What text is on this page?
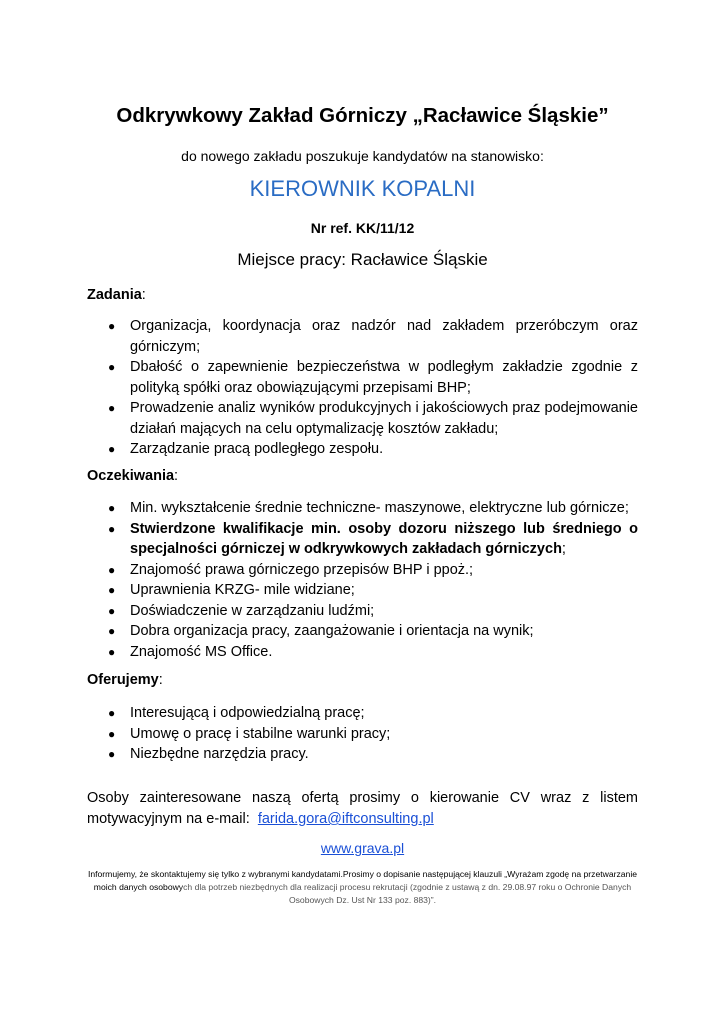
Odkrywkowy Zakład Górniczy „Racławice Śląskie”
do nowego zakładu poszukuje kandydatów na stanowisko:
KIEROWNIK KOPALNI
Nr ref. KK/11/12
Miejsce pracy: Racławice Śląskie
Zadania:
● Organizacja, koordynacja oraz nadzór nad zakładem przeróbczym oraz górniczym;
● Dbałość o zapewnienie bezpieczeństwa w podległym zakładzie zgodnie z polityką spółki oraz obowiązującymi przepisami BHP;
● Prowadzenie analiz wyników produkcyjnych i jakościowych praz podejmowanie działań mających na celu optymalizację kosztów zakładu;
● Zarządzanie pracą podległego zespołu.
Oczekiwania:
● Min. wykształcenie średnie techniczne- maszynowe, elektryczne lub górnicze;
● Stwierdzone kwalifikacje min. osoby dozoru niższego lub średniego o specjalności górniczej w odkrywkowych zakładach górniczych;
● Znajomość prawa górniczego przepisów BHP i ppoż.;
● Uprawnienia KRZG- mile widziane;
● Doświadczenie w zarządzaniu ludźmi;
● Dobra organizacja pracy, zaangażowanie i orientacja na wynik;
● Znajomość MS Office.
Oferujemy:
● Interesującą i odpowiedzialną pracę;
● Umowę o pracę i stabilne warunki pracy;
● Niezbędne narzędzia pracy.
Osoby zainteresowane naszą ofertą prosimy o kierowanie CV wraz z listem motywacyjnym na e-mail: farida.gora@iftconsulting.pl
www.grava.pl
Informujemy, że skontaktujemy się tylko z wybranymi kandydatami.Prosimy o dopisanie następującej klauzuli „Wyrażam zgodę na przetwarzanie moich danych osobowych dla potrzeb niezbędnych dla realizacji procesu rekrutacji (zgodnie z ustawą z dn. 29.08.97 roku o Ochronie Danych Osobowych Dz. Ust Nr 133 poz. 883)”.
